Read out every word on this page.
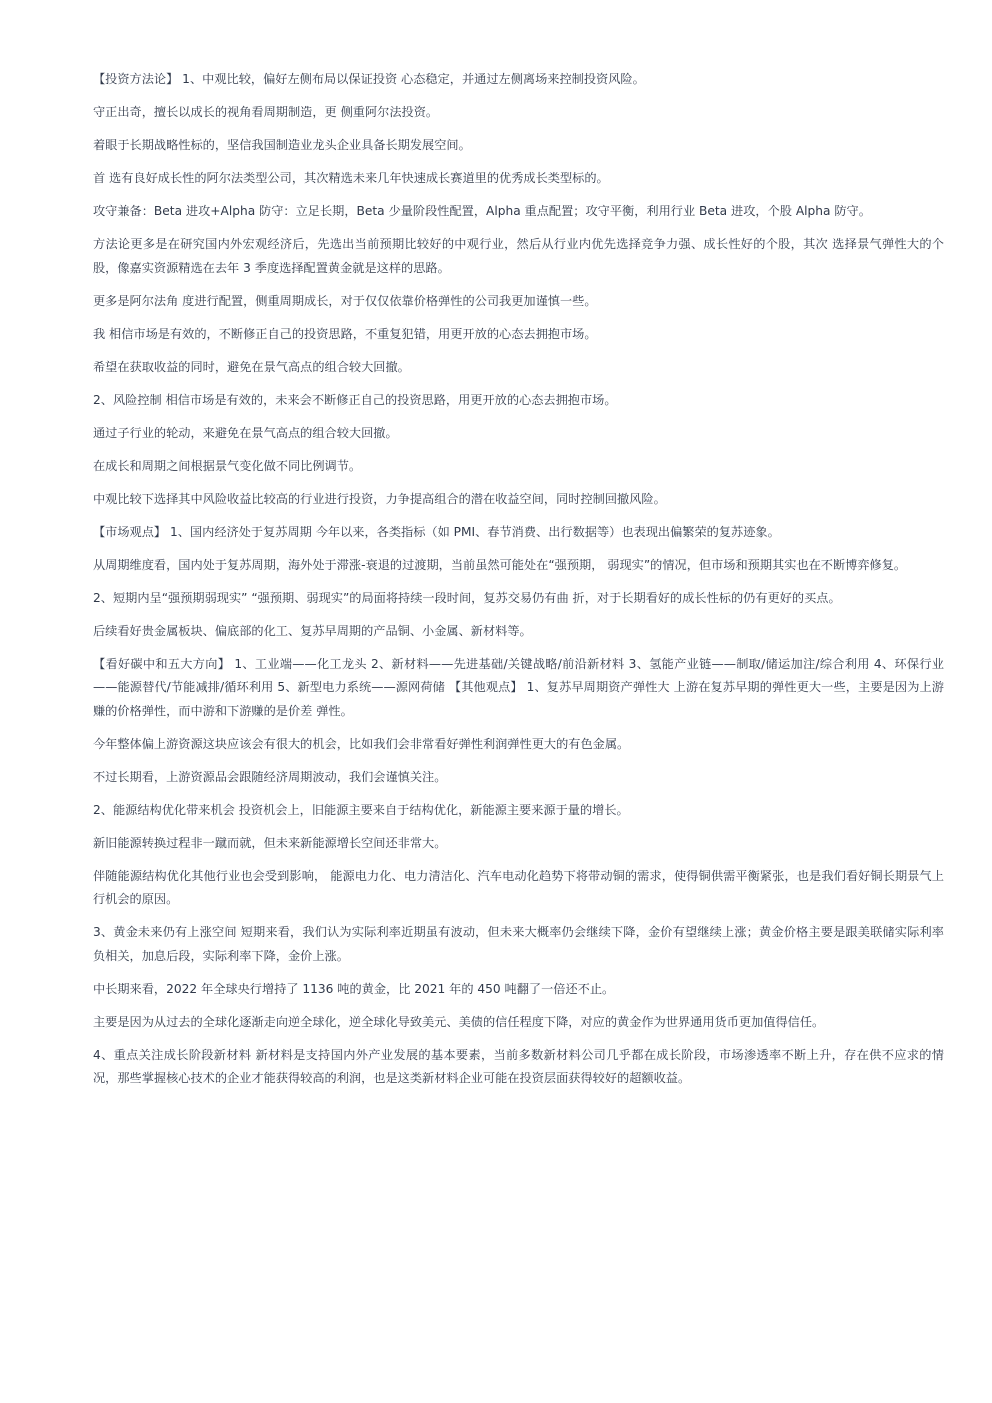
【投资方法论】 1、中观比较，偏好左侧布局以保证投资 心态稳定，并通过左侧离场来控制投资风险。

守正出奇，擅长以成长的视角看周期制造，更 侧重阿尔法投资。

着眼于长期战略性标的，坚信我国制造业龙头企业具备长期发展空间。

首 选有良好成长性的阿尔法类型公司，其次精选未来几年快速成长赛道里的优秀成长类型标的。

攻守兼备：Beta 进攻+Alpha 防守：立足长期，Beta 少量阶段性配置，Alpha 重点配置；攻守平衡，利用行业 Beta 进攻，个股 Alpha 防守。

方法论更多是在研究国内外宏观经济后，先选出当前预期比较好的中观行业，然后从行业内优先选择竞争力强、成长性好的个股，其次 选择景气弹性大的个股，像嘉实资源精选在去年 3 季度选择配置黄金就是这样的思路。

更多是阿尔法角 度进行配置，侧重周期成长，对于仅仅依靠价格弹性的公司我更加谨慎一些。

我 相信市场是有效的，不断修正自己的投资思路，不重复犯错，用更开放的心态去拥抱市场。

希望在获取收益的同时，避免在景气高点的组合较大回撤。

2、风险控制 相信市场是有效的，未来会不断修正自己的投资思路，用更开放的心态去拥抱市场。

通过子行业的轮动，来避免在景气高点的组合较大回撤。

在成长和周期之间根据景气变化做不同比例调节。

中观比较下选择其中风险收益比较高的行业进行投资，力争提高组合的潜在收益空间，同时控制回撤风险。

【市场观点】 1、国内经济处于复苏周期 今年以来，各类指标（如 PMI、春节消费、出行数据等）也表现出偏繁荣的复苏迹象。

从周期维度看，国内处于复苏周期，海外处于滞涨-衰退的过渡期，当前虽然可能处在“强预期， 弱现实”的情况，但市场和预期其实也在不断博弈修复。

2、短期内呈“强预期弱现实” “强预期、弱现实”的局面将持续一段时间，复苏交易仍有曲 折，对于长期看好的成长性标的仍有更好的买点。

后续看好贵金属板块、偏底部的化工、复苏早周期的产品铜、小金属、新材料等。

【看好碳中和五大方向】 1、工业端——化工龙头 2、新材料——先进基础/关键战略/前沿新材料 3、氢能产业链——制取/储运加注/综合利用 4、环保行业——能源替代/节能减排/循环利用 5、新型电力系统——源网荷储 【其他观点】 1、复苏早周期资产弹性大 上游在复苏早期的弹性更大一些，主要是因为上游赚的价格弹性，而中游和下游赚的是价差 弹性。

今年整体偏上游资源这块应该会有很大的机会，比如我们会非常看好弹性利润弹性更大的有色金属。

不过长期看，上游资源品会跟随经济周期波动，我们会谨慎关注。

2、能源结构优化带来机会 投资机会上，旧能源主要来自于结构优化，新能源主要来源于量的增长。

新旧能源转换过程非一蹴而就，但未来新能源增长空间还非常大。

伴随能源结构优化其他行业也会受到影响， 能源电力化、电力清洁化、汽车电动化趋势下将带动铜的需求，使得铜供需平衡紧张，也是我们看好铜长期景气上行机会的原因。

3、黄金未来仍有上涨空间 短期来看，我们认为实际利率近期虽有波动，但未来大概率仍会继续下降，金价有望继续上涨；黄金价格主要是跟美联储实际利率负相关，加息后段，实际利率下降，金价上涨。

中长期来看，2022 年全球央行增持了 1136 吨的黄金，比 2021 年的 450 吨翻了一倍还不止。

主要是因为从过去的全球化逐渐走向逆全球化，逆全球化导致美元、美债的信任程度下降，对应的黄金作为世界通用货币更加值得信任。

4、重点关注成长阶段新材料 新材料是支持国内外产业发展的基本要素，当前多数新材料公司几乎都在成长阶段，市场渗透率不断上升，存在供不应求的情况，那些掌握核心技术的企业才能获得较高的利润，也是这类新材料企业可能在投资层面获得较好的超额收益。
